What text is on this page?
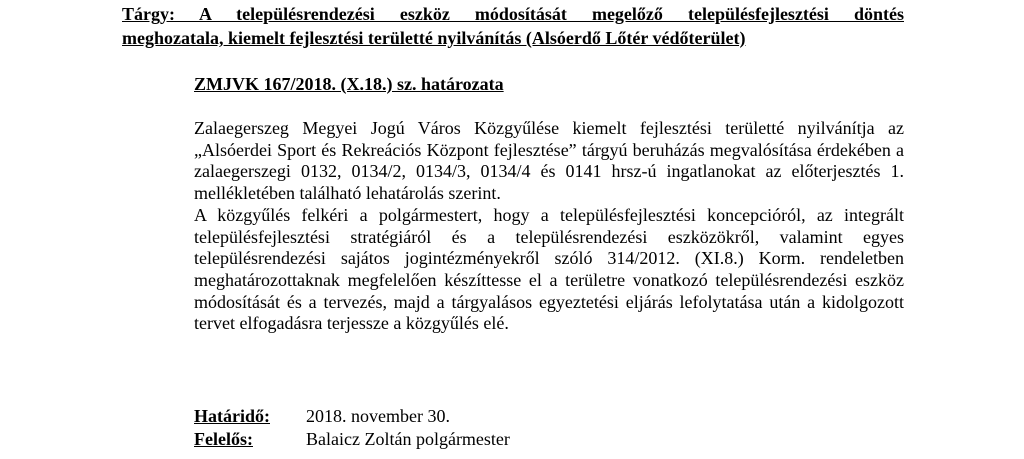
Tárgy: A településrendezési eszköz módosítását megelőző településfejlesztési döntés
meghozatala, kiemelt fejlesztési területté nyilvánítás (Alsóerdő Lőtér védőterület)
ZMJVK 167/2018. (X.18.) sz. határozata

Zalaegerszeg Megyei Jogú Város Közgyűlése kiemelt fejlesztési területté nyilvánítja az „Alsóerdei Sport és Rekreációs Központ fejlesztése” tárgyú beruházás megvalósítása érdekében a zalaegerszegi 0132, 0134/2, 0134/3, 0134/4 és 0141 hrsz-ú ingatlanokat az előterjesztés 1. mellékletében található lehatárolás szerint.

A közgyűlés felkéri a polgármestert, hogy a településfejlesztési koncepcióról, az integrált településfejlesztési stratégiáról és a településrendezési eszközökről, valamint egyes településrendezési sajátos jogintézményekről szóló 314/2012. (XI.8.) Korm. rendeletben meghatározottaknak megfelelően készíttesse el a területre vonatkozó településrendezési eszköz módosítását és a tervezés, majd a tárgyalásos egyeztetési eljárás lefolytatása után a kidolgozott tervet elfogadásra terjessze a közgyűlés elé.

Határidő: 2018. november 30.
Felelős:	Balaicz Zoltán polgármester
